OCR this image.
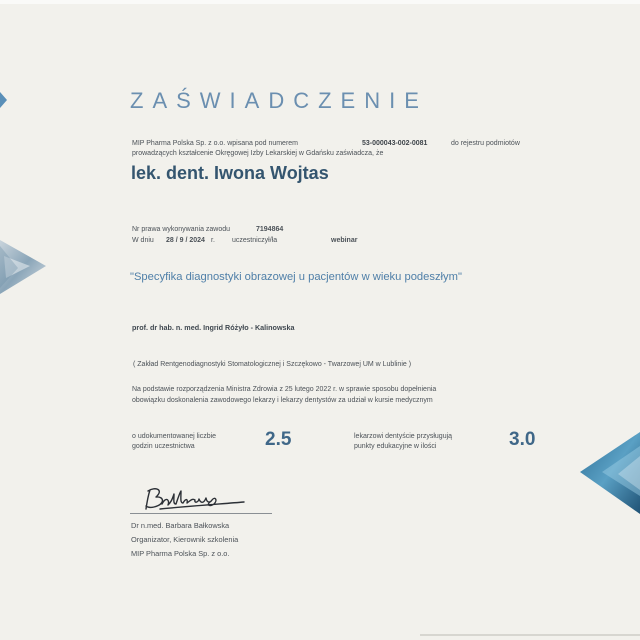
ZAŚWIADCZENIE
MIP Pharma Polska Sp. z o.o. wpisana pod numerem	53-000043-002-0081	do rejestru podmiotów
prowadzących kształcenie Okręgowej Izby Lekarskiej w Gdańsku zaświadcza, że
lek. dent. Iwona Wojtas
Nr prawa wykonywania zawodu	7194864
W dniu 28 / 9 / 2024 r. uczestniczył/ła	webinar
"Specyfika diagnostyki obrazowej u pacjentów w wieku podeszłym"
prof. dr hab. n. med. Ingrid Różyło - Kalinowska
( Zakład Rentgenodiagnostyki Stomatologicznej i Szczękowo - Twarzowej UM w Lublinie )
Na podstawie rozporządzenia Ministra Zdrowia z 25 lutego 2022 r. w sprawie sposobu dopełnienia
obowiązku doskonalenia zawodowego lekarzy i lekarzy dentystów za udział w kursie medycznym
o udokumentowanej liczbie
godzin uczestnictwa	2.5	lekarzowi dentyście przysługują
punkty edukacyjne w ilości	3.0
Dr n.med. Barbara Bałkowska
Organizator, Kierownik szkolenia
MIP Pharma Polska Sp. z o.o.
